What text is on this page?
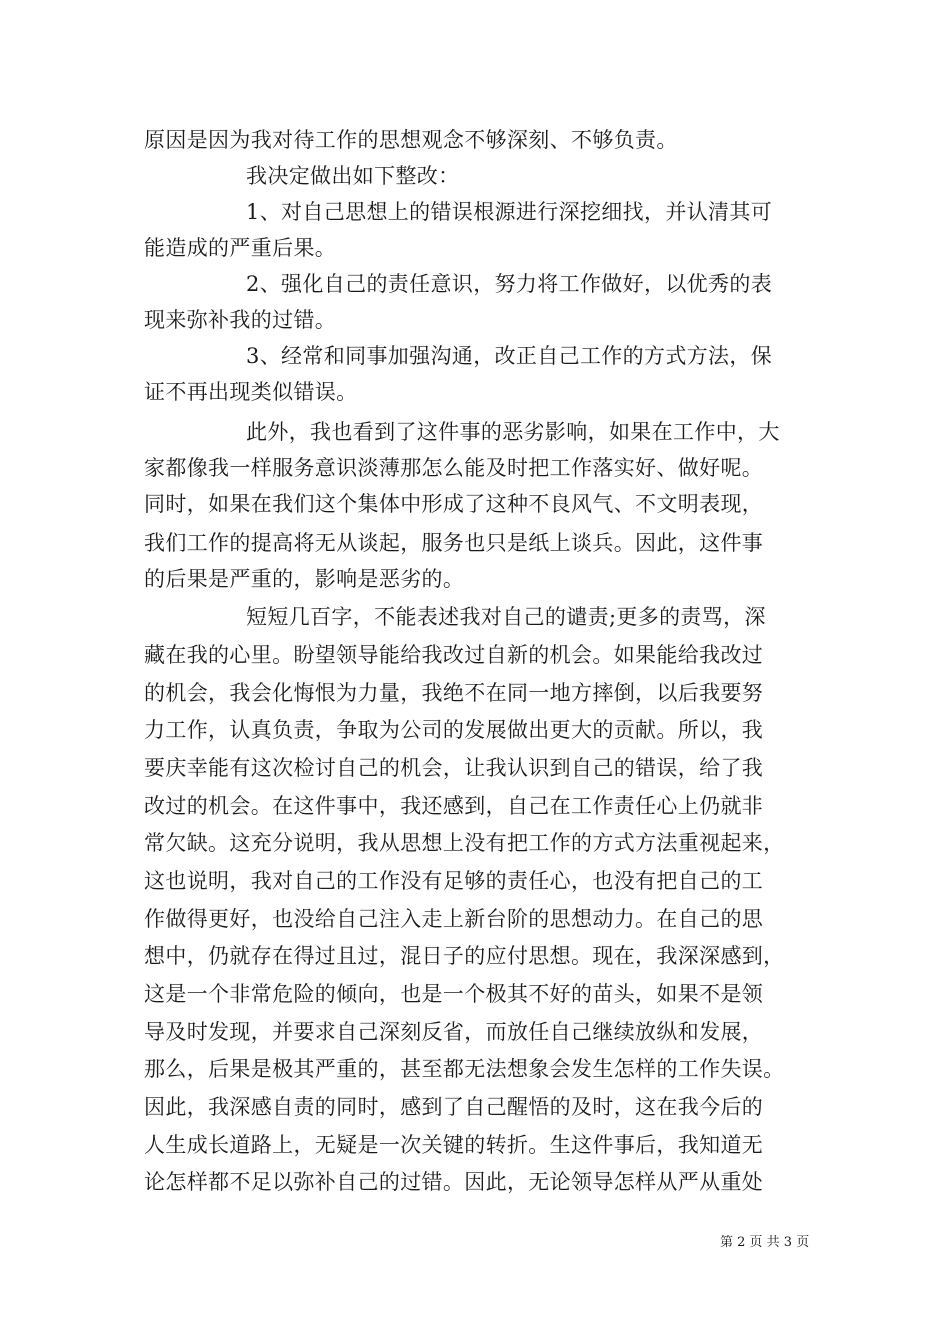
原因是因为我对待工作的思想观念不够深刻、不够负责。
我决定做出如下整改：
1、对自己思想上的错误根源进行深挖细找，并认清其可
能造成的严重后果。
2、强化自己的责任意识，努力将工作做好，以优秀的表
现来弥补我的过错。
3、经常和同事加强沟通，改正自己工作的方式方法，保
证不再出现类似错误。
此外，我也看到了这件事的恶劣影响，如果在工作中，大
家都像我一样服务意识淡薄那怎么能及时把工作落实好、做好呢。
同时，如果在我们这个集体中形成了这种不良风气、不文明表现，
我们工作的提高将无从谈起，服务也只是纸上谈兵。因此，这件事
的后果是严重的，影响是恶劣的。
短短几百字，不能表述我对自己的谴责;更多的责骂，深
藏在我的心里。盼望领导能给我改过自新的机会。如果能给我改过
的机会，我会化悔恨为力量，我绝不在同一地方摔倒，以后我要努
力工作，认真负责，争取为公司的发展做出更大的贡献。所以，我
要庆幸能有这次检讨自己的机会，让我认识到自己的错误，给了我
改过的机会。在这件事中，我还感到，自己在工作责任心上仍就非
常欠缺。这充分说明，我从思想上没有把工作的方式方法重视起来，
这也说明，我对自己的工作没有足够的责任心，也没有把自己的工
作做得更好，也没给自己注入走上新台阶的思想动力。在自己的思
想中，仍就存在得过且过，混日子的应付思想。现在，我深深感到，
这是一个非常危险的倾向，也是一个极其不好的苗头，如果不是领
导及时发现，并要求自己深刻反省，而放任自己继续放纵和发展，
那么，后果是极其严重的，甚至都无法想象会发生怎样的工作失误。
因此，我深感自责的同时，感到了自己醒悟的及时，这在我今后的
人生成长道路上，无疑是一次关键的转折。生这件事后，我知道无
论怎样都不足以弥补自己的过错。因此，无论领导怎样从严从重处
第 2 页 共 3 页
